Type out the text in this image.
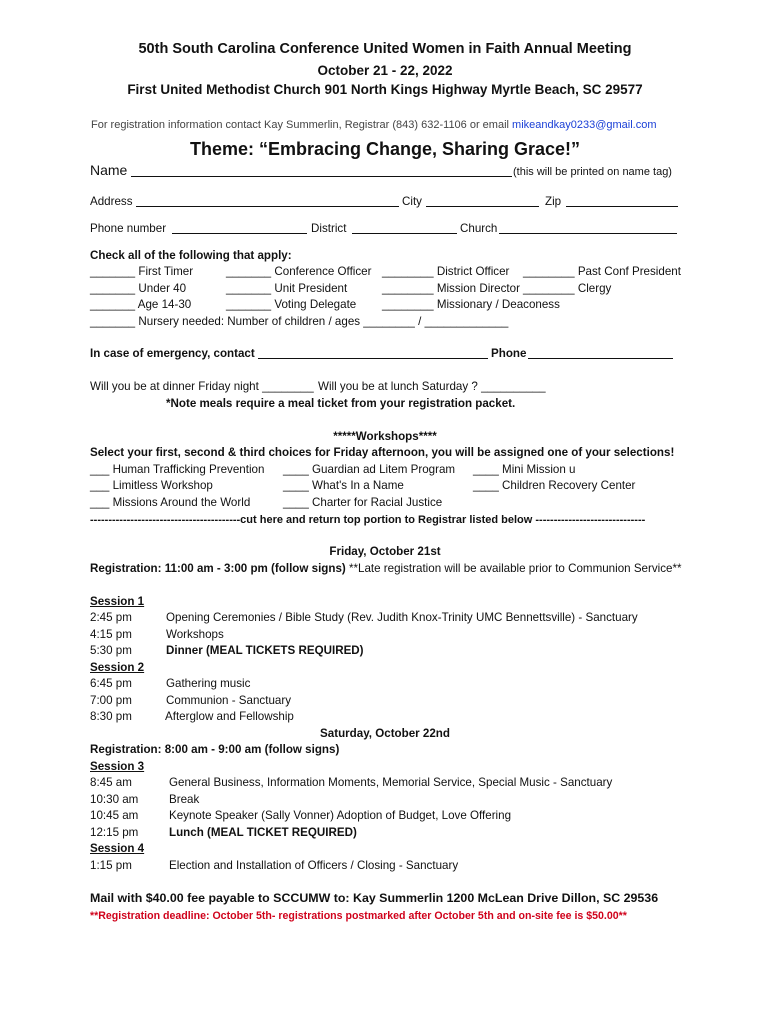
50th South Carolina Conference United Women in Faith Annual Meeting
October 21 - 22, 2022
First United Methodist Church 901 North Kings Highway Myrtle Beach, SC 29577
For registration information contact Kay Summerlin, Registrar (843) 632-1106 or email mikeandkay0233@gmail.com
Theme: “Embracing Change, Sharing Grace!”
Name	(this will be printed on name tag)
Address	City	Zip
Phone number	District	Church
Check all of the following that apply:
_______ First Timer	_______ Conference Officer ________ District Officer ________ Past Conf President
_______ Under 40	_______ Unit President	________ Mission Director ________ Clergy
_______ Age 14-30	_______ Voting Delegate ________ Missionary / Deaconess
_______ Nursery needed: Number of children / ages ________ / _____________
In case of emergency, contact	Phone
Will you be at dinner Friday night ________ Will you be at lunch Saturday ? __________
*Note meals require a meal ticket from your registration packet.
*****Workshops****
Select your first, second & third choices for Friday afternoon, you will be assigned one of your selections!
___ Human Trafficking Prevention ____ Guardian ad Litem Program ____ Mini Mission u
___ Limitless Workshop	____ What's In a Name	____ Children Recovery Center
___ Missions Around the World	____ Charter for Racial Justice
-----------------------------------------cut here and return top portion to Registrar listed below ------------------------------
Friday, October 21st
Registration: 11:00 am - 3:00 pm (follow signs) **Late registration will be available prior to Communion Service**
Session 1
2:45 pm	Opening Ceremonies / Bible Study (Rev. Judith Knox-Trinity UMC Bennettsville) - Sanctuary
4:15 pm	Workshops
5:30 pm	Dinner (MEAL TICKETS REQUIRED)
Session 2
6:45 pm	Gathering music
7:00 pm	Communion - Sanctuary
8:30 pm	Afterglow and Fellowship
Saturday, October 22nd
Registration: 8:00 am - 9:00 am (follow signs)
Session 3
8:45 am	General Business, Information Moments, Memorial Service, Special Music - Sanctuary
10:30 am	Break
10:45 am	Keynote Speaker (Sally Vonner) Adoption of Budget, Love Offering
12:15 pm	Lunch (MEAL TICKET REQUIRED)
Session 4
1:15 pm	Election and Installation of Officers / Closing - Sanctuary
Mail with $40.00 fee payable to SCCUMW to: Kay Summerlin 1200 McLean Drive Dillon, SC 29536
**Registration deadline: October 5th- registrations postmarked after October 5th and on-site fee is $50.00**
